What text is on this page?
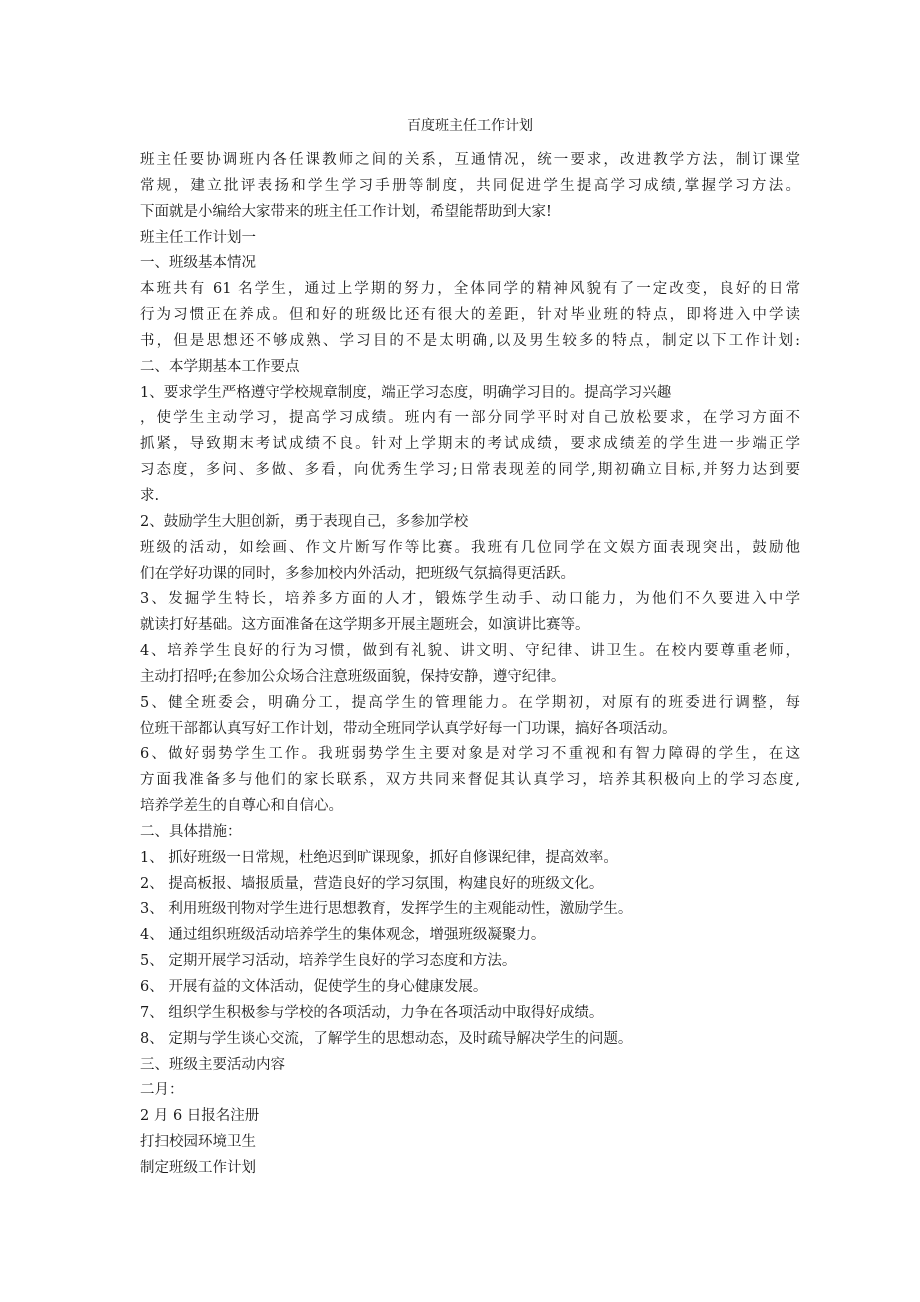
百度班主任工作计划
班主任要协调班内各任课教师之间的关系，互通情况，统一要求，改进教学方法，制订课堂
常规，建立批评表扬和学生学习手册等制度，共同促进学生提高学习成绩,掌握学习方法。
下面就是小编给大家带来的班主任工作计划，希望能帮助到大家!
班主任工作计划一
一、班级基本情况
本班共有 61 名学生，通过上学期的努力，全体同学的精神风貌有了一定改变，良好的日常
行为习惯正在养成。但和好的班级比还有很大的差距，针对毕业班的特点，即将进入中学读
书，但是思想还不够成熟、学习目的不是太明确,以及男生较多的特点，制定以下工作计划:
二、本学期基本工作要点
1、要求学生严格遵守学校规章制度，端正学习态度，明确学习目的。提高学习兴趣
，使学生主动学习，提高学习成绩。班内有一部分同学平时对自己放松要求，在学习方面不
抓紧，导致期末考试成绩不良。针对上学期末的考试成绩，要求成绩差的学生进一步端正学
习态度，多问、多做、多看，向优秀生学习;日常表现差的同学,期初确立目标,并努力达到要
求.
2、鼓励学生大胆创新，勇于表现自己，多参加学校
班级的活动，如绘画、作文片断写作等比赛。我班有几位同学在文娱方面表现突出，鼓励他
们在学好功课的同时，多参加校内外活动，把班级气氛搞得更活跃。
3、发掘学生特长，培养多方面的人才，锻炼学生动手、动口能力，为他们不久要进入中学
就读打好基础。这方面准备在这学期多开展主题班会，如演讲比赛等。
4、培养学生良好的行为习惯，做到有礼貌、讲文明、守纪律、讲卫生。在校内要尊重老师，
主动打招呼;在参加公众场合注意班级面貌，保持安静，遵守纪律。
5、健全班委会，明确分工，提高学生的管理能力。在学期初，对原有的班委进行调整，每
位班干部都认真写好工作计划，带动全班同学认真学好每一门功课，搞好各项活动。
6、做好弱势学生工作。我班弱势学生主要对象是对学习不重视和有智力障碍的学生，在这
方面我准备多与他们的家长联系，双方共同来督促其认真学习，培养其积极向上的学习态度,
培养学差生的自尊心和自信心。
二、具体措施：
1、 抓好班级一日常规，杜绝迟到旷课现象，抓好自修课纪律，提高效率。
2、 提高板报、墙报质量，营造良好的学习氛围，构建良好的班级文化。
3、 利用班级刊物对学生进行思想教育，发挥学生的主观能动性，激励学生。
4、 通过组织班级活动培养学生的集体观念，增强班级凝聚力。
5、 定期开展学习活动，培养学生良好的学习态度和方法。
6、 开展有益的文体活动，促使学生的身心健康发展。
7、 组织学生积极参与学校的各项活动，力争在各项活动中取得好成绩。
8、 定期与学生谈心交流，了解学生的思想动态，及时疏导解决学生的问题。
三、班级主要活动内容
二月：
2 月 6 日报名注册
打扫校园环境卫生
制定班级工作计划
